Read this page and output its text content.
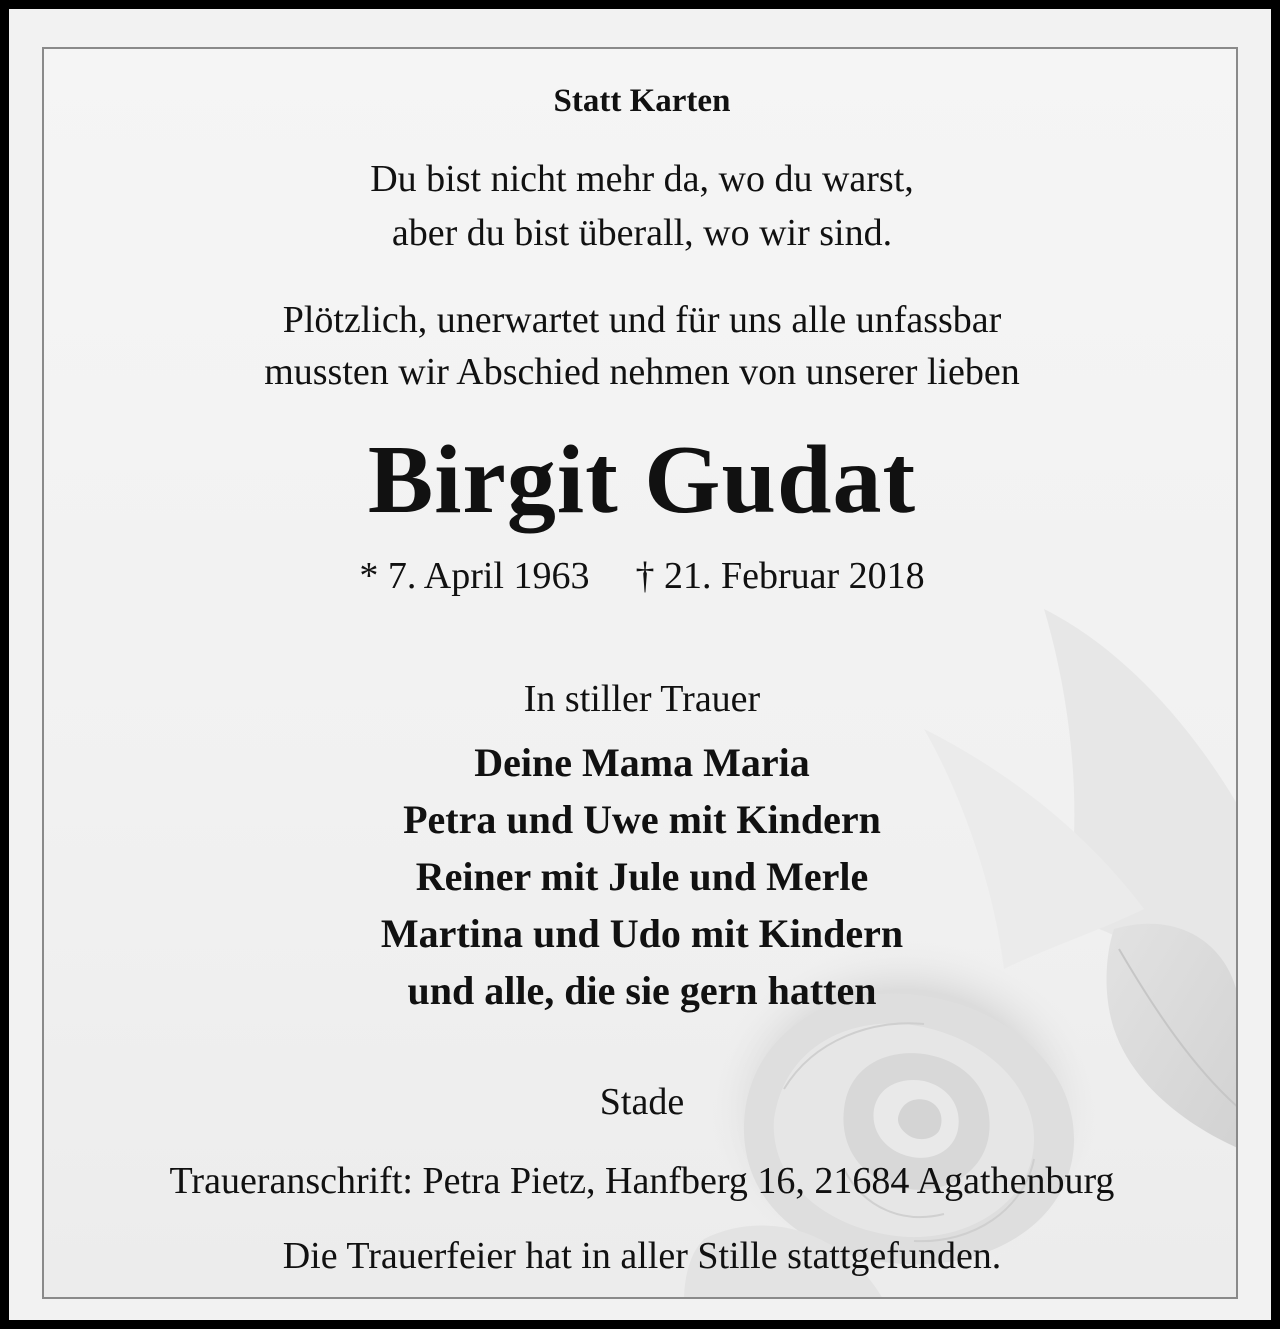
Statt Karten
Du bist nicht mehr da, wo du warst,
aber du bist überall, wo wir sind.
Plötzlich, unerwartet und für uns alle unfassbar
mussten wir Abschied nehmen von unserer lieben
Birgit Gudat
* 7. April 1963 † 21. Februar 2018
In stiller Trauer
Deine Mama Maria
Petra und Uwe mit Kindern
Reiner mit Jule und Merle
Martina und Udo mit Kindern
und alle, die sie gern hatten
Stade
Traueranschrift: Petra Pietz, Hanfberg 16, 21684 Agathenburg
Die Trauerfeier hat in aller Stille stattgefunden.
